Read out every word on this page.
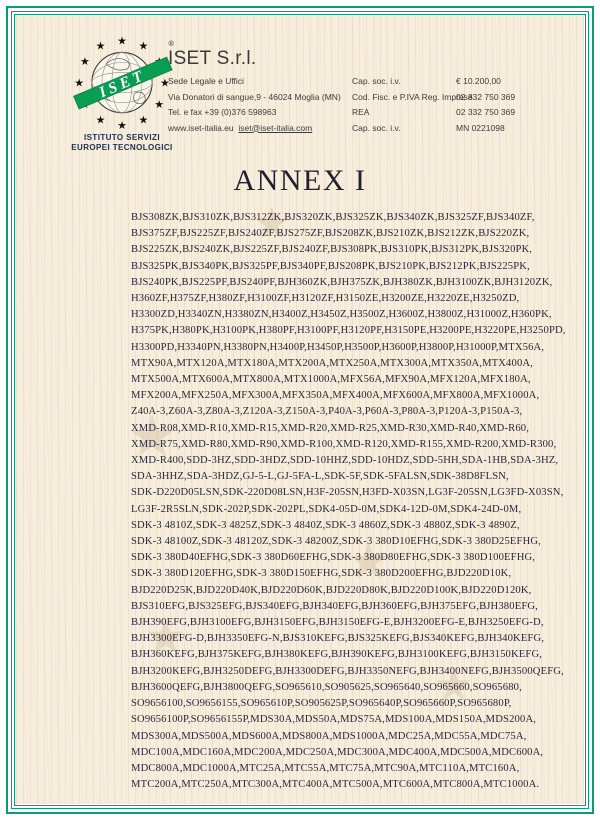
★
★
★
★
★
★ ★
★
★
★
★
★
★
★
★	®
ISET
ISTITUTO SERVIZI
EUROPEI TECNOLOGICI
ISET S.r.l.
Sede Legale e Uffici
Via Donatori di sangue,9 - 46024 Moglia (MN)
Tel. e fax +39 (0)376 598963
www.iset-italia.eu iset@iset-italia.com
Cap. soc. i.v.	€ 10.200,00
Cod. Fisc. e P.IVA Reg. Imprese
02 332 750 369
REA	02 332 750 369
Cap. soc. i.v.	MN 0221098
ANNEX I
BJS308ZK,BJS310ZK,BJS312ZK,BJS320ZK,BJS325ZK,BJS340ZK,BJS325ZF,BJS340ZF,
BJS375ZF,BJS225ZF,BJS240ZF,BJS275ZF,BJS208ZK,BJS210ZK,BJS212ZK,BJS220ZK,
BJS225ZK,BJS240ZK,BJS225ZF,BJS240ZF,BJS308PK,BJS310PK,BJS312PK,BJS320PK,
BJS325PK,BJS340PK,BJS325PF,BJS340PF,BJS208PK,BJS210PK,BJS212PK,BJS225PK,
BJS240PK,BJS225PF,BJS240PF,BJH360ZK,BJH375ZK,BJH380ZK,BJH3100ZK,BJH3120ZK,
H360ZF,H375ZF,H380ZF,H3100ZF,H3120ZF,H3150ZE,H3200ZE,H3220ZE,H3250ZD,
H3300ZD,H3340ZN,H3380ZN,H3400Z,H3450Z,H3500Z,H3600Z,H3800Z,H31000Z,H360PK,
H375PK,H380PK,H3100PK,H380PF,H3100PF,H3120PF,H3150PE,H3200PE,H3220PE,H3250PD,
H3300PD,H3340PN,H3380PN,H3400P,H3450P,H3500P,H3600P,H3800P,H31000P,MTX56A,
MTX90A,MTX120A,MTX180A,MTX200A,MTX250A,MTX300A,MTX350A,MTX400A,
MTX500A,MTX600A,MTX800A,MTX1000A,MFX56A,MFX90A,MFX120A,MFX180A,
MFX200A,MFX250A,MFX300A,MFX350A,MFX400A,MFX600A,MFX800A,MFX1000A,
Z40A-3,Z60A-3,Z80A-3,Z120A-3,Z150A-3,P40A-3,P60A-3,P80A-3,P120A-3,P150A-3,
XMD-R08,XMD-R10,XMD-R15,XMD-R20,XMD-R25,XMD-R30,XMD-R40,XMD-R60,
XMD-R75,XMD-R80,XMD-R90,XMD-R100,XMD-R120,XMD-R155,XMD-R200,XMD-R300,
XMD-R400,SDD-3HZ,SDD-3HDZ,SDD-10HHZ,SDD-10HDZ,SDD-5HH,SDA-1HB,SDA-3HZ,
SDA-3HHZ,SDA-3HDZ,GJ-5-L,GJ-5FA-L,SDK-5F,SDK-5FALSN,SDK-38D8FLSN,
SDK-D220D05LSN,SDK-220D08LSN,H3F-205SN,H3FD-X03SN,LG3F-205SN,LG3FD-X03SN,
LG3F-2R5SLN,SDK-202P,SDK-202PL,SDK4-05D-0M,SDK4-12D-0M,SDK4-24D-0M,
SDK-3 4810Z,SDK-3 4825Z,SDK-3 4840Z,SDK-3 4860Z,SDK-3 4880Z,SDK-3 4890Z,
SDK-3 48100Z,SDK-3 48120Z,SDK-3 48200Z,SDK-3 380D10EFHG,SDK-3 380D25EFHG,
SDK-3 380D40EFHG,SDK-3 380D60EFHG,SDK-3 380D80EFHG,SDK-3 380D100EFHG,
SDK-3 380D120EFHG,SDK-3 380D150EFHG,SDK-3 380D200EFHG,BJD220D10K,
BJD220D25K,BJD220D40K,BJD220D60K,BJD220D80K,BJD220D100K,BJD220D120K,
BJS310EFG,BJS325EFG,BJS340EFG,BJH340EFG,BJH360EFG,BJH375EFG,BJH380EFG,
BJH390EFG,BJH3100EFG,BJH3150EFG,BJH3150EFG-E,BJH3200EFG-E,BJH3250EFG-D,
BJH3300EFG-D,BJH3350EFG-N,BJS310KEFG,BJS325KEFG,BJS340KEFG,BJH340KEFG,
BJH360KEFG,BJH375KEFG,BJH380KEFG,BJH390KEFG,BJH3100KEFG,BJH3150KEFG,
BJH3200KEFG,BJH3250DEFG,BJH3300DEFG,BJH3350NEFG,BJH3400NEFG,BJH3500QEFG,
BJH3600QEFG,BJH3800QEFG,SO965610,SO905625,SO965640,SO965660,SO965680,
SO9656100,SO9656155,SO965610P,SO905625P,SO965640P,SO965660P,SO965680P,
SO9656100P,SO9656155P,MDS30A,MDS50A,MDS75A,MDS100A,MDS150A,MDS200A,
MDS300A,MDS500A,MDS600A,MDS800A,MDS1000A,MDC25A,MDC55A,MDC75A,
MDC100A,MDC160A,MDC200A,MDC250A,MDC300A,MDC400A,MDC500A,MDC600A,
MDC800A,MDC1000A,MTC25A,MTC55A,MTC75A,MTC90A,MTC110A,MTC160A,
MTC200A,MTC250A,MTC300A,MTC400A,MTC500A,MTC600A,MTC800A,MTC1000A.
